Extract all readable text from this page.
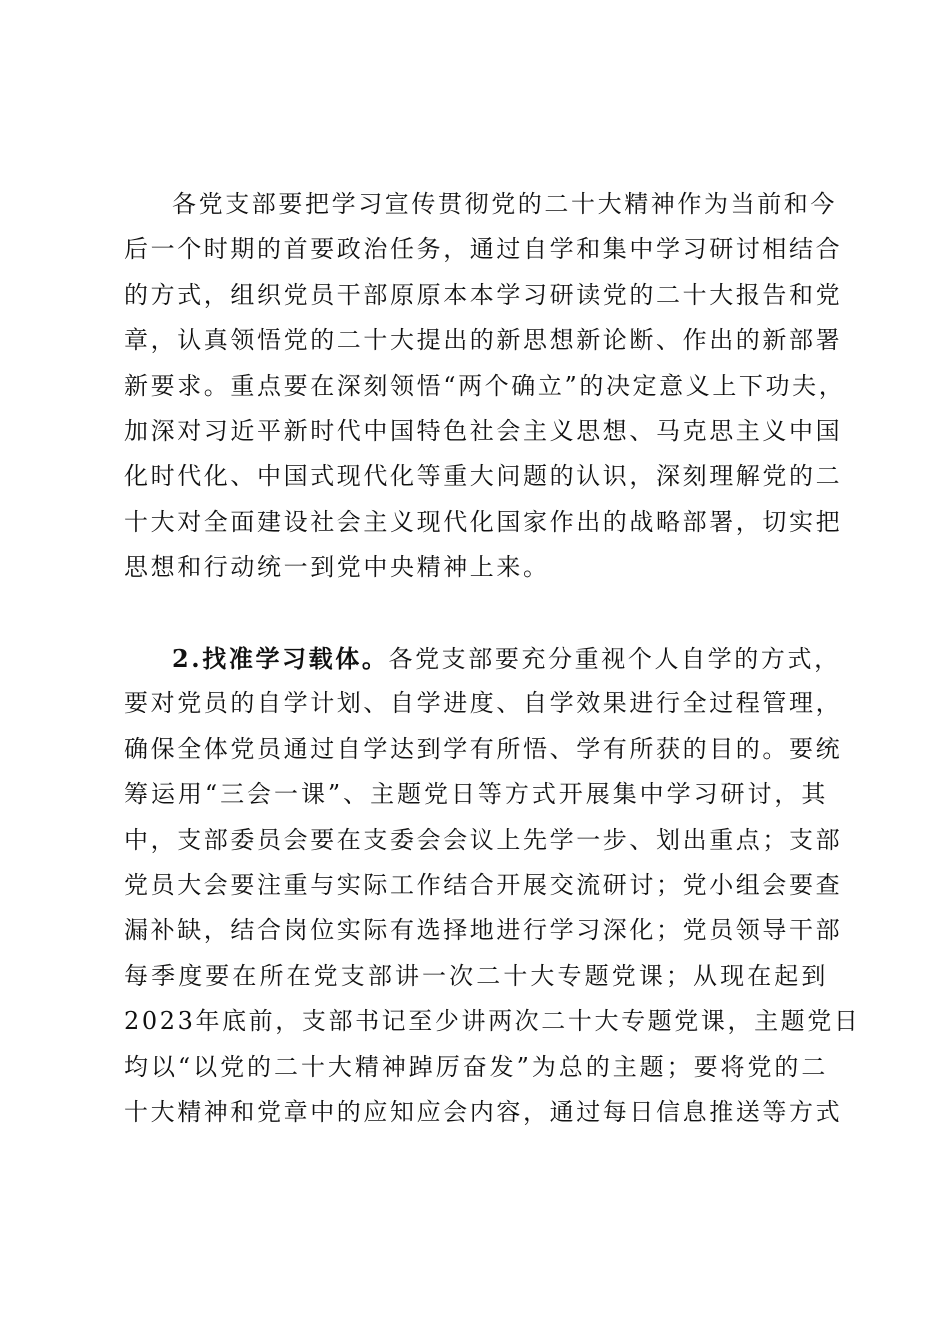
各党支部要把学习宣传贯彻党的二十大精神作为当前和今
后一个时期的首要政治任务，通过自学和集中学习研讨相结合
的方式，组织党员干部原原本本学习研读党的二十大报告和党
章，认真领悟党的二十大提出的新思想新论断、作出的新部署
新要求。重点要在深刻领悟“两个确立”的决定意义上下功夫，
加深对习近平新时代中国特色社会主义思想、马克思主义中国
化时代化、中国式现代化等重大问题的认识，深刻理解党的二
十大对全面建设社会主义现代化国家作出的战略部署，切实把
思想和行动统一到党中央精神上来。
2.找准学习载体。各党支部要充分重视个人自学的方式，
要对党员的自学计划、自学进度、自学效果进行全过程管理，
确保全体党员通过自学达到学有所悟、学有所获的目的。要统
筹运用“三会一课”、主题党日等方式开展集中学习研讨，其
中，支部委员会要在支委会会议上先学一步、划出重点；支部
党员大会要注重与实际工作结合开展交流研讨；党小组会要查
漏补缺，结合岗位实际有选择地进行学习深化；党员领导干部
每季度要在所在党支部讲一次二十大专题党课；从现在起到
2023年底前，支部书记至少讲两次二十大专题党课，主题党日
均以“以党的二十大精神踔厉奋发”为总的主题；要将党的二
十大精神和党章中的应知应会内容，通过每日信息推送等方式
